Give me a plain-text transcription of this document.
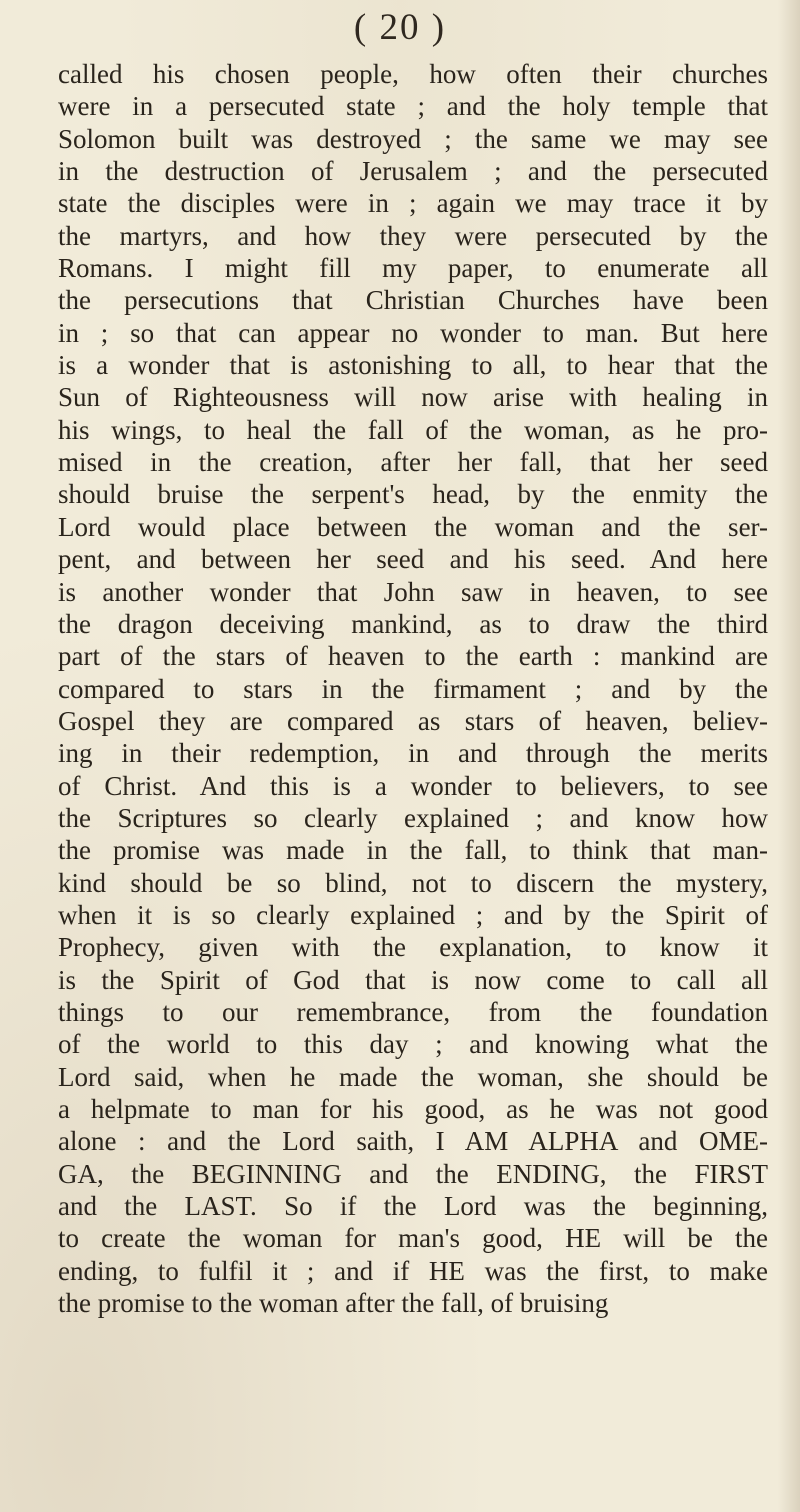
( 20 )
called his chosen people, how often their churches
were in a persecuted state ; and the holy temple that
Solomon built was destroyed ; the same we may see
in the destruction of Jerusalem ; and the persecuted
state the disciples were in ; again we may trace it by
the martyrs, and how they were persecuted by the
Romans. I might fill my paper, to enumerate all
the persecutions that Christian Churches have been
in ; so that can appear no wonder to man. But here
is a wonder that is astonishing to all, to hear that the
Sun of Righteousness will now arise with healing in
his wings, to heal the fall of the woman, as he pro-
mised in the creation, after her fall, that her seed
should bruise the serpent's head, by the enmity the
Lord would place between the woman and the ser-
pent, and between her seed and his seed. And here
is another wonder that John saw in heaven, to see
the dragon deceiving mankind, as to draw the third
part of the stars of heaven to the earth : mankind are
compared to stars in the firmament ; and by the
Gospel they are compared as stars of heaven, believ-
ing in their redemption, in and through the merits
of Christ. And this is a wonder to believers, to see
the Scriptures so clearly explained ; and know how
the promise was made in the fall, to think that man-
kind should be so blind, not to discern the mystery,
when it is so clearly explained ; and by the Spirit of
Prophecy, given with the explanation, to know it
is the Spirit of God that is now come to call all
things to our remembrance, from the foundation
of the world to this day ; and knowing what the
Lord said, when he made the woman, she should be
a helpmate to man for his good, as he was not good
alone : and the Lord saith, I AM ALPHA and OME-
GA, the BEGINNING and the ENDING, the FIRST
and the LAST. So if the Lord was the beginning,
to create the woman for man's good, HE will be the
ending, to fulfil it ; and if HE was the first, to make
the promise to the woman after the fall, of bruising
